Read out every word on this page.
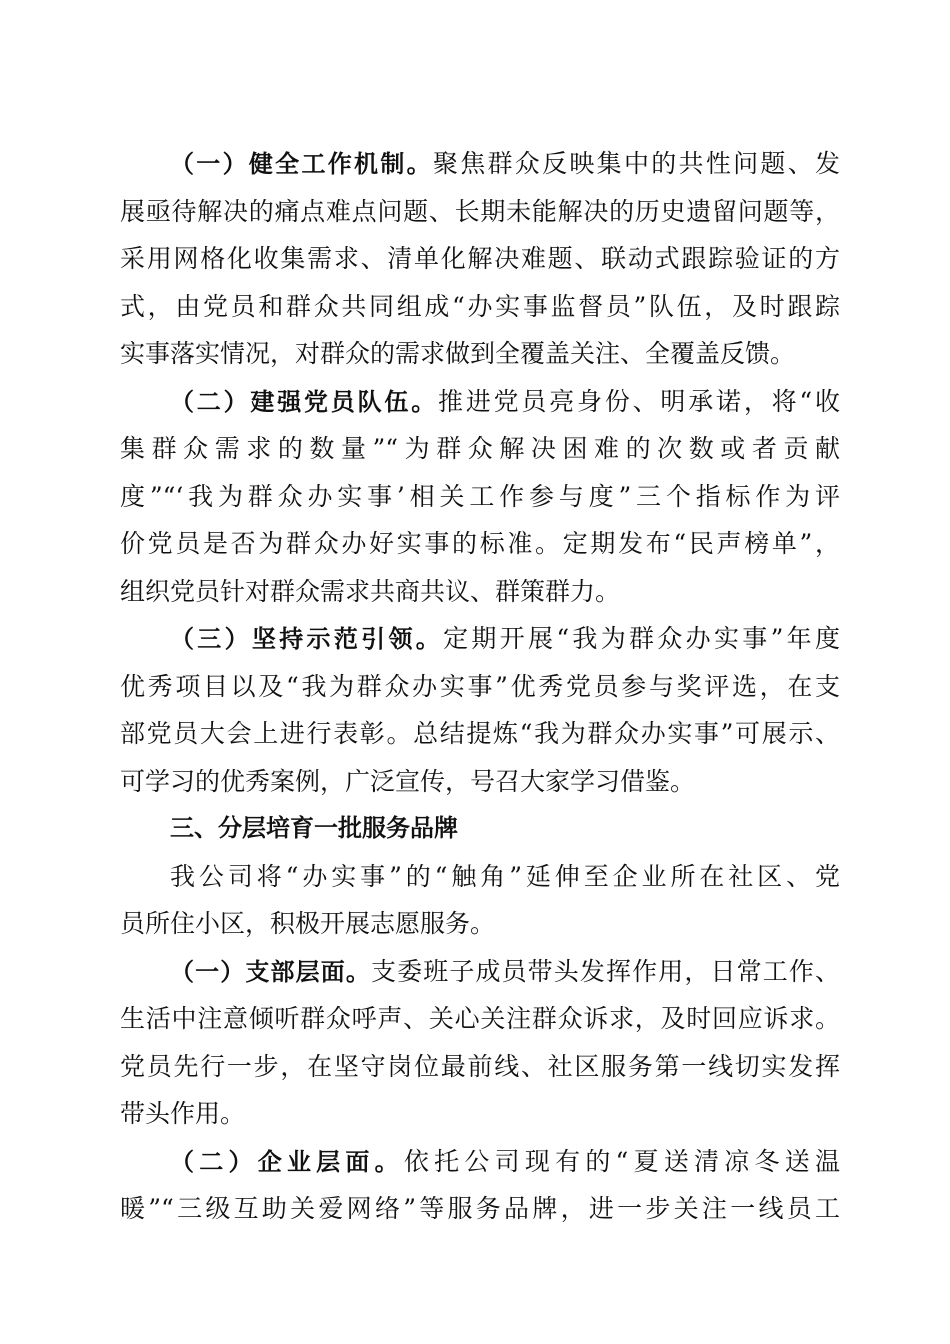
（一）健全工作机制。聚焦群众反映集中的共性问题、发
展亟待解决的痛点难点问题、长期未能解决的历史遗留问题等，
采用网格化收集需求、清单化解决难题、联动式跟踪验证的方
式，由党员和群众共同组成“办实事监督员”队伍，及时跟踪
实事落实情况，对群众的需求做到全覆盖关注、全覆盖反馈。
（二）建强党员队伍。推进党员亮身份、明承诺，将“收
集群众需求的数量”“为群众解决困难的次数或者贡献
度”“‘我为群众办实事’相关工作参与度”三个指标作为评
价党员是否为群众办好实事的标准。定期发布“民声榜单”，
组织党员针对群众需求共商共议、群策群力。
（三）坚持示范引领。定期开展“我为群众办实事”年度
优秀项目以及“我为群众办实事”优秀党员参与奖评选，在支
部党员大会上进行表彰。总结提炼“我为群众办实事”可展示、
可学习的优秀案例，广泛宣传，号召大家学习借鉴。
三、分层培育一批服务品牌
我公司将“办实事”的“触角”延伸至企业所在社区、党
员所住小区，积极开展志愿服务。
（一）支部层面。支委班子成员带头发挥作用，日常工作、
生活中注意倾听群众呼声、关心关注群众诉求，及时回应诉求。
党员先行一步，在坚守岗位最前线、社区服务第一线切实发挥
带头作用。
（二）企业层面。依托公司现有的“夏送清凉冬送温
暖”“三级互助关爱网络”等服务品牌，进一步关注一线员工
